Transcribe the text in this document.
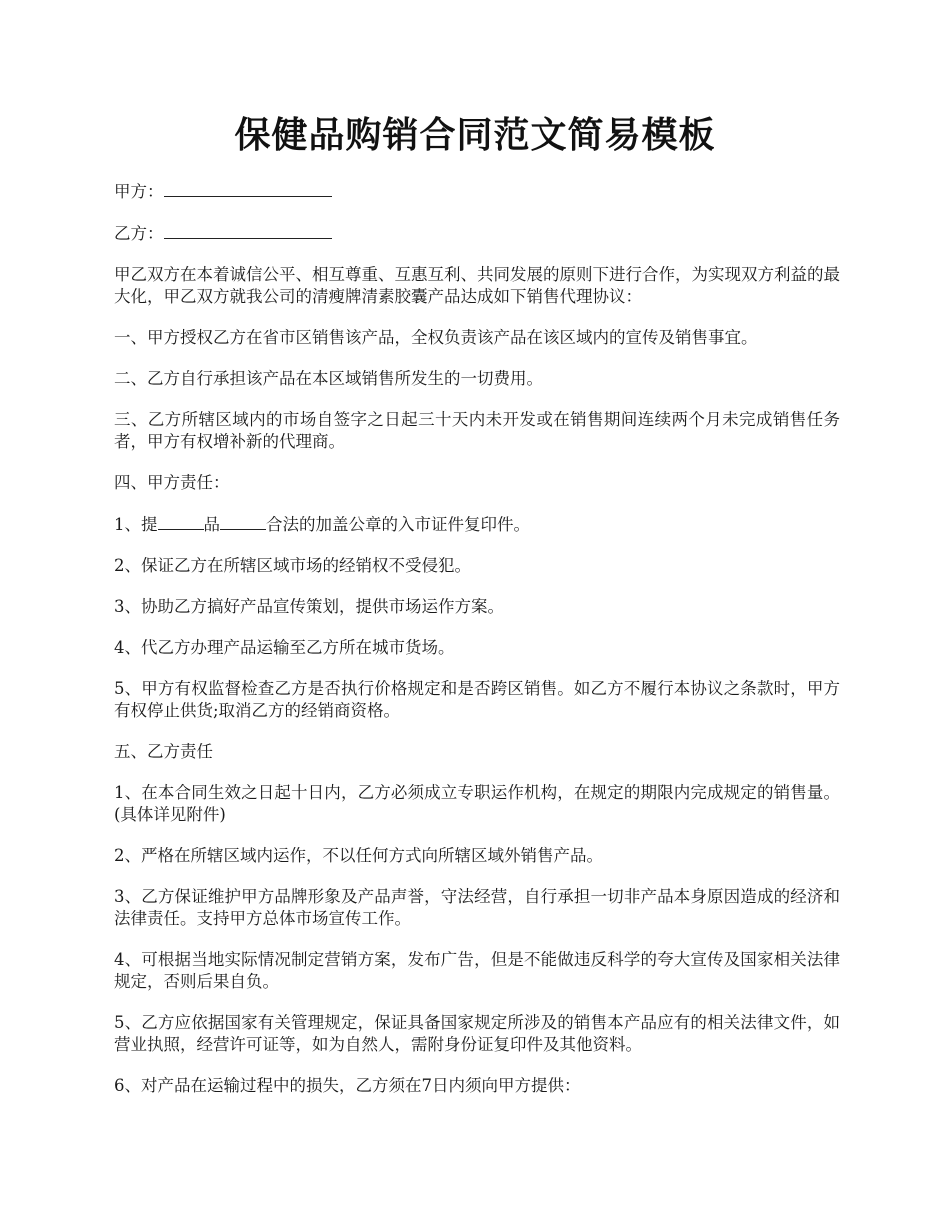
保健品购销合同范文简易模板

甲方：

乙方：

甲乙双方在本着诚信公平、相互尊重、互惠互利、共同发展的原则下进行合作，为实现双方利益的最大化，甲乙双方就我公司的清瘦牌清素胶囊产品达成如下销售代理协议：

一、甲方授权乙方在省市区销售该产品，全权负责该产品在该区域内的宣传及销售事宜。

二、乙方自行承担该产品在本区域销售所发生的一切费用。

三、乙方所辖区域内的市场自签字之日起三十天内未开发或在销售期间连续两个月未完成销售任务者，甲方有权增补新的代理商。

四、甲方责任：

1、提	品	合法的加盖公章的入市证件复印件。

2、保证乙方在所辖区域市场的经销权不受侵犯。

3、协助乙方搞好产品宣传策划，提供市场运作方案。

4、代乙方办理产品运输至乙方所在城市货场。

5、甲方有权监督检查乙方是否执行价格规定和是否跨区销售。如乙方不履行本协议之条款时，甲方有权停止供货;取消乙方的经销商资格。

五、乙方责任

1、在本合同生效之日起十日内，乙方必须成立专职运作机构，在规定的期限内完成规定的销售量。(具体详见附件)

2、严格在所辖区域内运作，不以任何方式向所辖区域外销售产品。

3、乙方保证维护甲方品牌形象及产品声誉，守法经营，自行承担一切非产品本身原因造成的经济和法律责任。支持甲方总体市场宣传工作。

4、可根据当地实际情况制定营销方案，发布广告，但是不能做违反科学的夸大宣传及国家相关法律规定，否则后果自负。

5、乙方应依据国家有关管理规定，保证具备国家规定所涉及的销售本产品应有的相关法律文件，如营业执照，经营许可证等，如为自然人，需附身份证复印件及其他资料。

6、对产品在运输过程中的损失，乙方须在7日内须向甲方提供：
